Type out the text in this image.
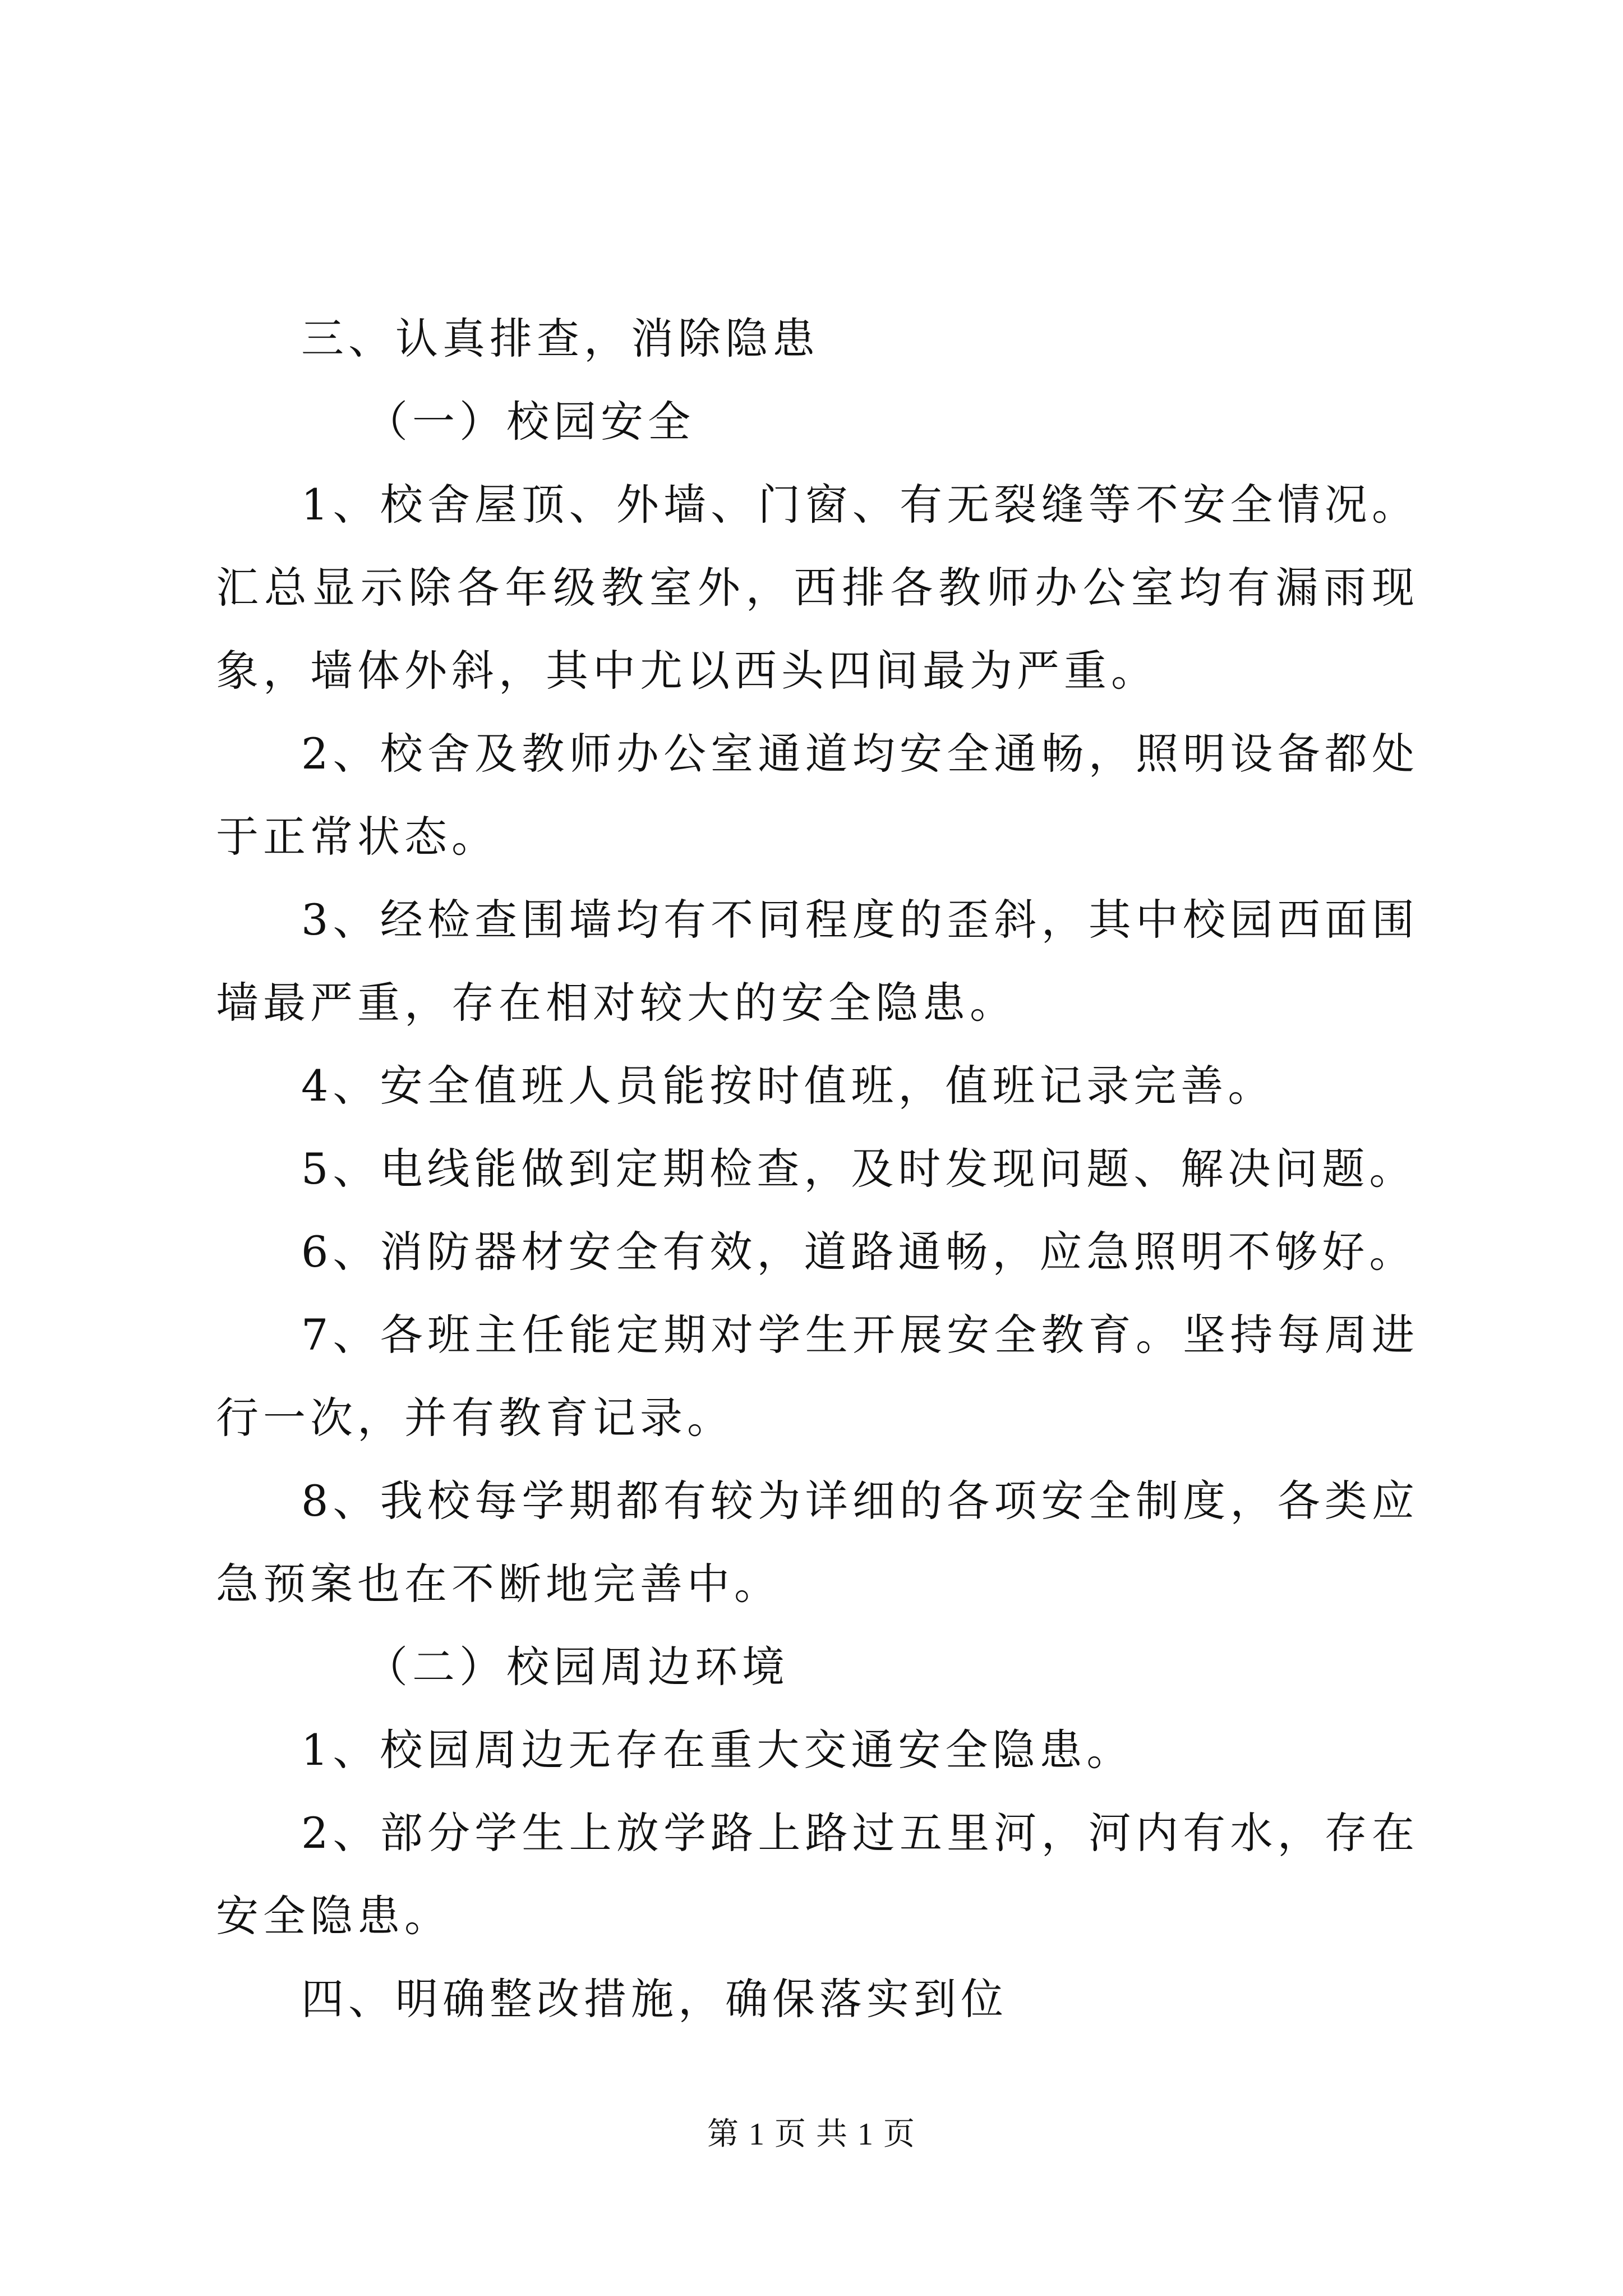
三、认真排查，消除隐患

（一）校园安全

1、校舍屋顶、外墙、门窗、有无裂缝等不安全情况。汇总显示除各年级教室外，西排各教师办公室均有漏雨现象，墙体外斜，其中尤以西头四间最为严重。

2、校舍及教师办公室通道均安全通畅，照明设备都处于正常状态。

3、经检查围墙均有不同程度的歪斜，其中校园西面围墙最严重，存在相对较大的安全隐患。

4、安全值班人员能按时值班，值班记录完善。

5、电线能做到定期检查，及时发现问题、解决问题。

6、消防器材安全有效，道路通畅，应急照明不够好。

7、各班主任能定期对学生开展安全教育。坚持每周进行一次，并有教育记录。

8、我校每学期都有较为详细的各项安全制度，各类应急预案也在不断地完善中。

（二）校园周边环境

1、校园周边无存在重大交通安全隐患。

2、部分学生上放学路上路过五里河，河内有水，存在安全隐患。

四、明确整改措施，确保落实到位

第 1 页 共 1 页
